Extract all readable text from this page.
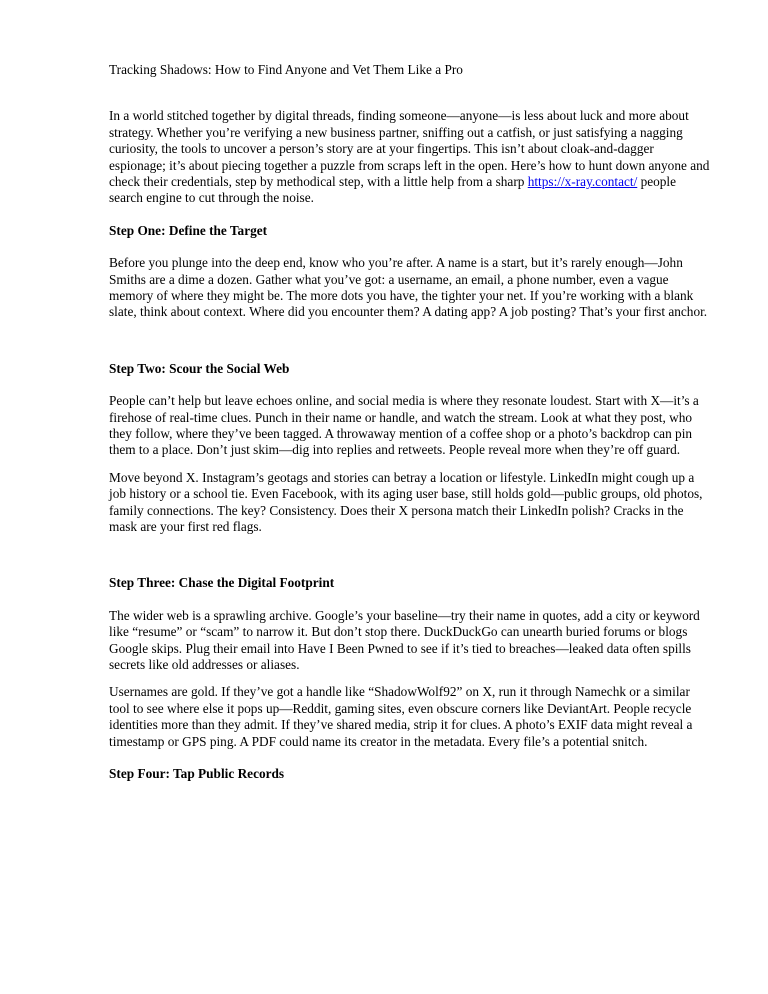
Tracking Shadows: How to Find Anyone and Vet Them Like a Pro

In a world stitched together by digital threads, finding someone—anyone—is less about luck and more about strategy. Whether you’re verifying a new business partner, sniffing out a catfish, or just satisfying a nagging curiosity, the tools to uncover a person’s story are at your fingertips. This isn’t about cloak-and-dagger espionage; it’s about piecing together a puzzle from scraps left in the open. Here’s how to hunt down anyone and check their credentials, step by methodical step, with a little help from a sharp https://x-ray.contact/ people search engine to cut through the noise.

Step One: Define the Target

Before you plunge into the deep end, know who you’re after. A name is a start, but it’s rarely enough—John Smiths are a dime a dozen. Gather what you’ve got: a username, an email, a phone number, even a vague memory of where they might be. The more dots you have, the tighter your net. If you’re working with a blank slate, think about context. Where did you encounter them? A dating app? A job posting? That’s your first anchor.

Step Two: Scour the Social Web

People can’t help but leave echoes online, and social media is where they resonate loudest. Start with X—it’s a firehose of real-time clues. Punch in their name or handle, and watch the stream. Look at what they post, who they follow, where they’ve been tagged. A throwaway mention of a coffee shop or a photo’s backdrop can pin them to a place. Don’t just skim—dig into replies and retweets. People reveal more when they’re off guard.

Move beyond X. Instagram’s geotags and stories can betray a location or lifestyle. LinkedIn might cough up a job history or a school tie. Even Facebook, with its aging user base, still holds gold—public groups, old photos, family connections. The key? Consistency. Does their X persona match their LinkedIn polish? Cracks in the mask are your first red flags.

Step Three: Chase the Digital Footprint

The wider web is a sprawling archive. Google’s your baseline—try their name in quotes, add a city or keyword like “resume” or “scam” to narrow it. But don’t stop there. DuckDuckGo can unearth buried forums or blogs Google skips. Plug their email into Have I Been Pwned to see if it’s tied to breaches—leaked data often spills secrets like old addresses or aliases.

Usernames are gold. If they’ve got a handle like “ShadowWolf92” on X, run it through Namechk or a similar tool to see where else it pops up—Reddit, gaming sites, even obscure corners like DeviantArt. People recycle identities more than they admit. If they’ve shared media, strip it for clues. A photo’s EXIF data might reveal a timestamp or GPS ping. A PDF could name its creator in the metadata. Every file’s a potential snitch.

Step Four: Tap Public Records
